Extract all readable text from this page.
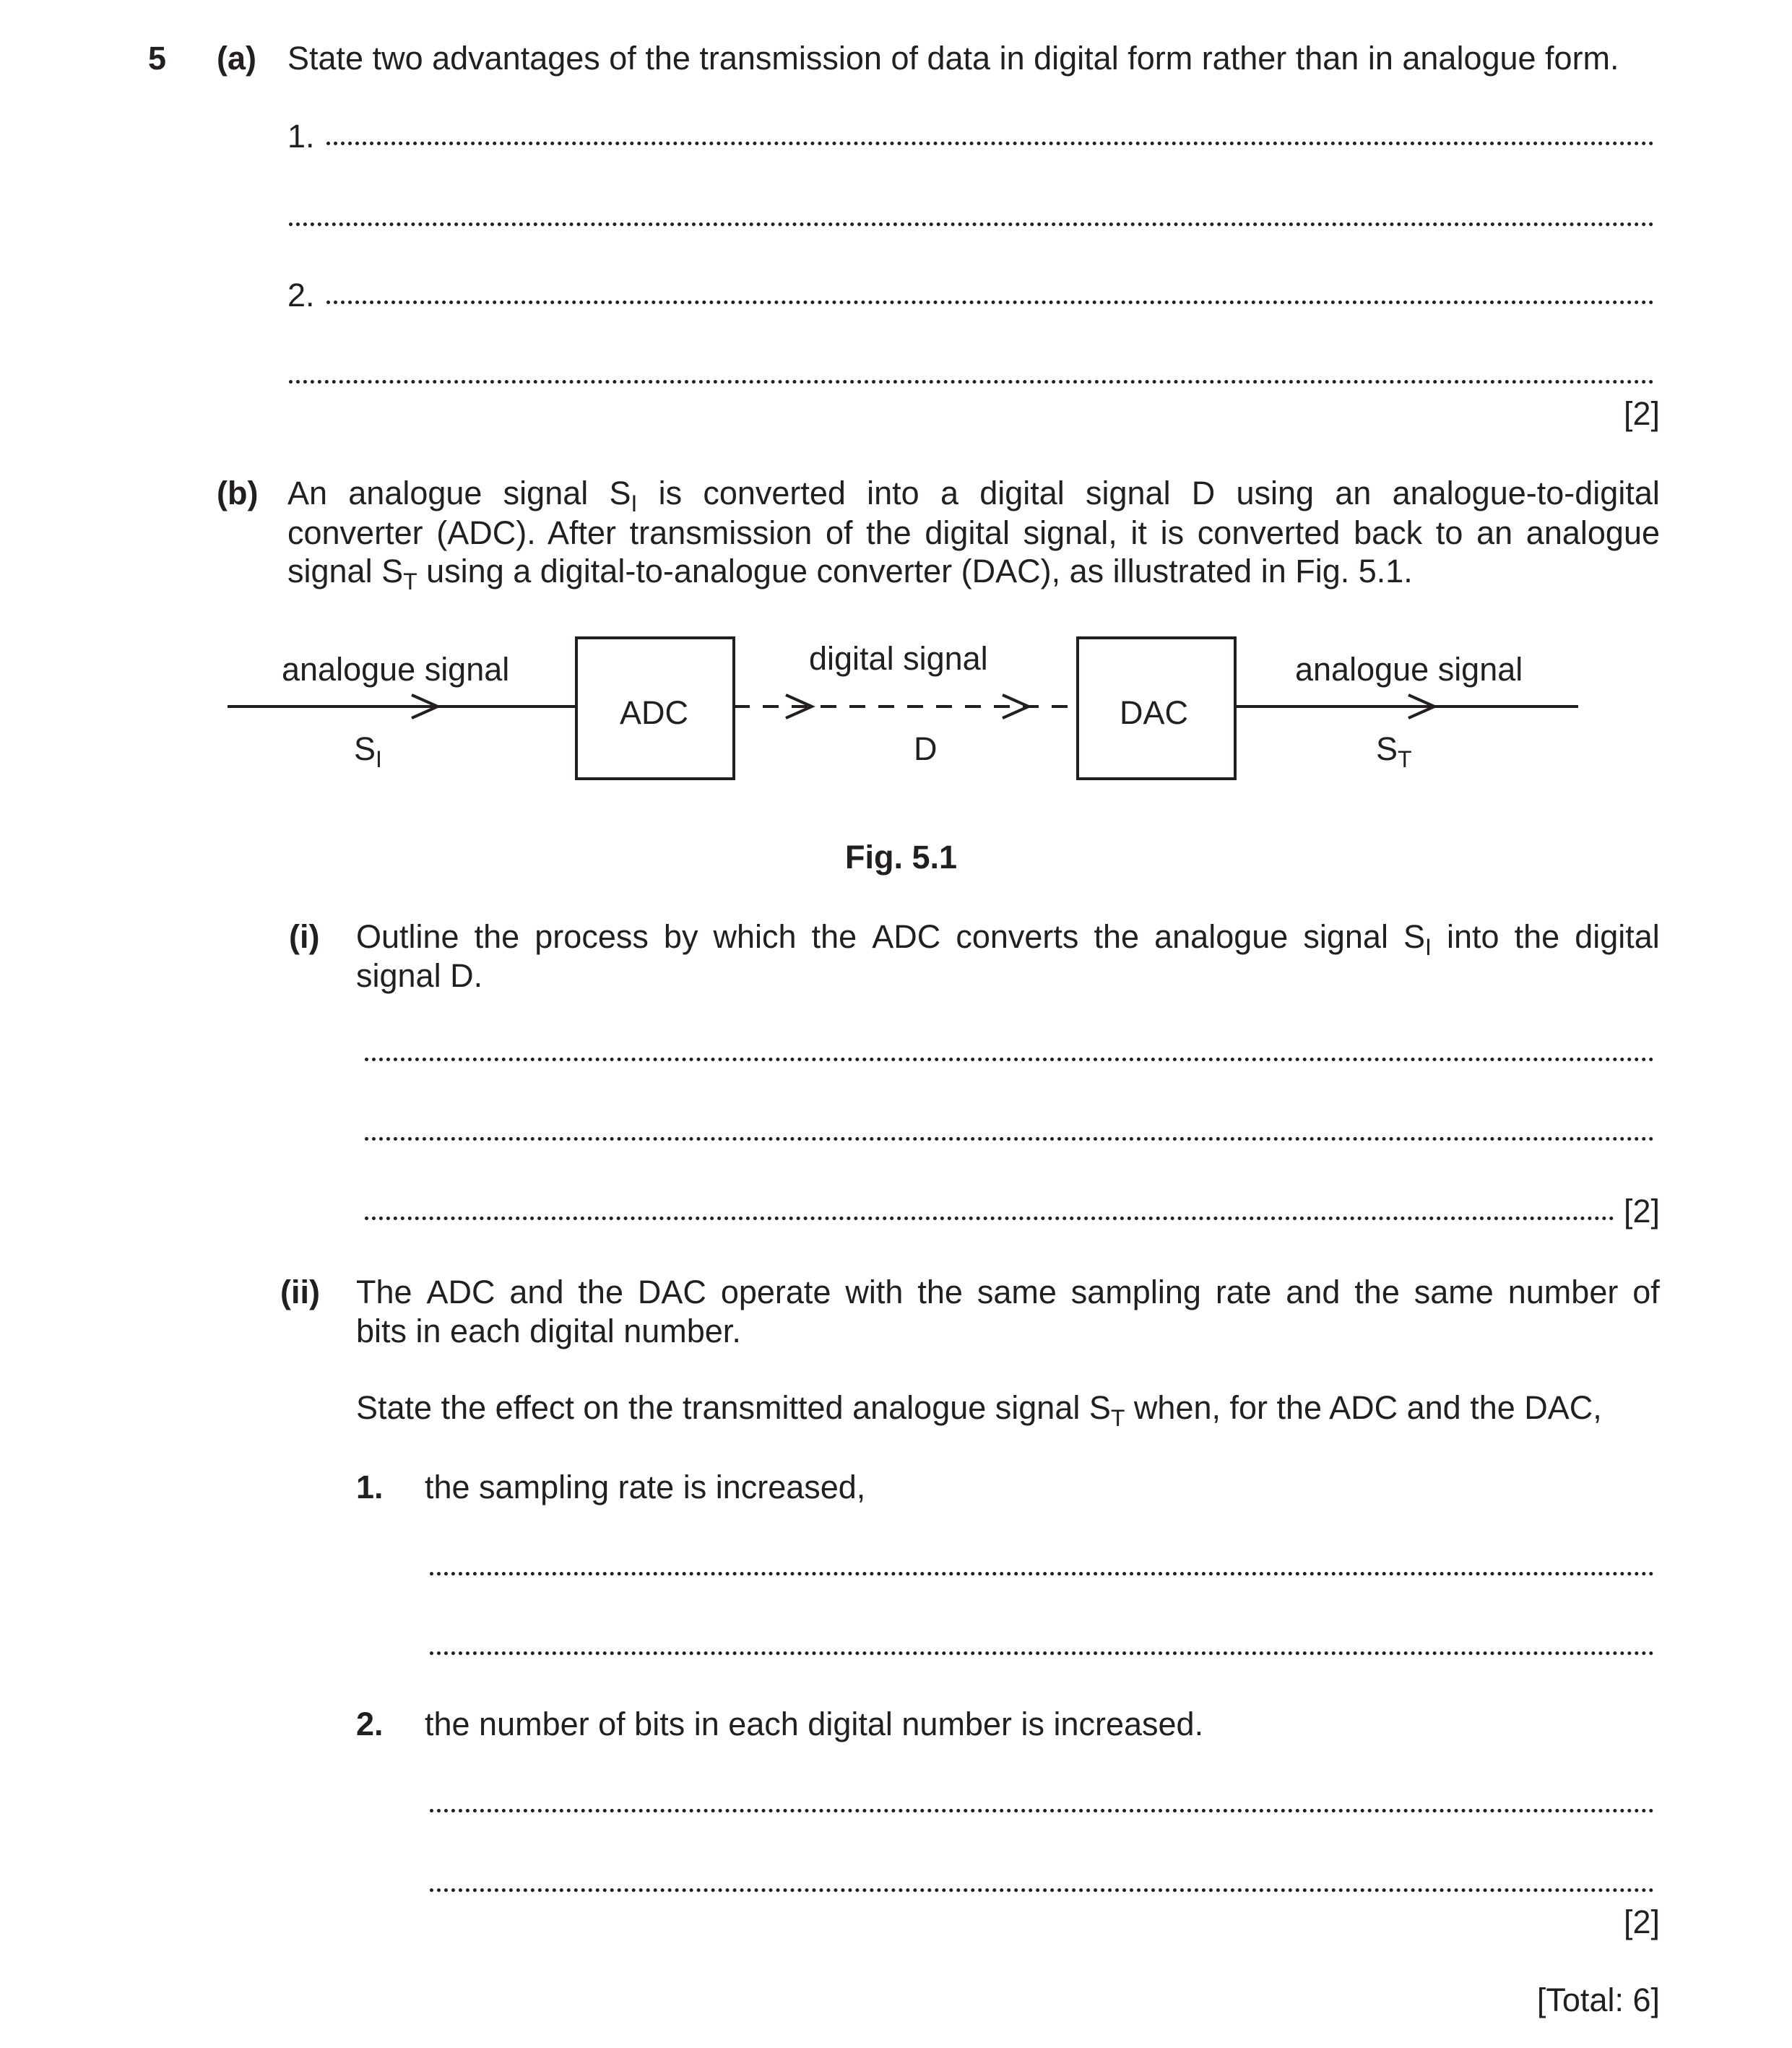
5 (a) State two advantages of the transmission of data in digital form rather than in analogue form.
1.
2.
[2]
(b) An analogue signal $S_I$ is converted into a digital signal D using an analogue-to-digital
converter (ADC). After transmission of the digital signal, it is converted back to an analogue
signal $S_T$ using a digital-to-analogue converter (DAC), as illustrated in Fig. 5.1.
analogue signal
$S_I$
ADC
digital signal
D
DAC
analogue signal
$S_T$
Fig. 5.1
(i) Outline the process by which the ADC converts the analogue signal $S_I$ into the digital
signal D.
[2]
(ii) The ADC and the DAC operate with the same sampling rate and the same number of
bits in each digital number.
State the effect on the transmitted analogue signal $S_T$ when, for the ADC and the DAC,
1. the sampling rate is increased,
2. the number of bits in each digital number is increased.
[2]
[Total: 6]
